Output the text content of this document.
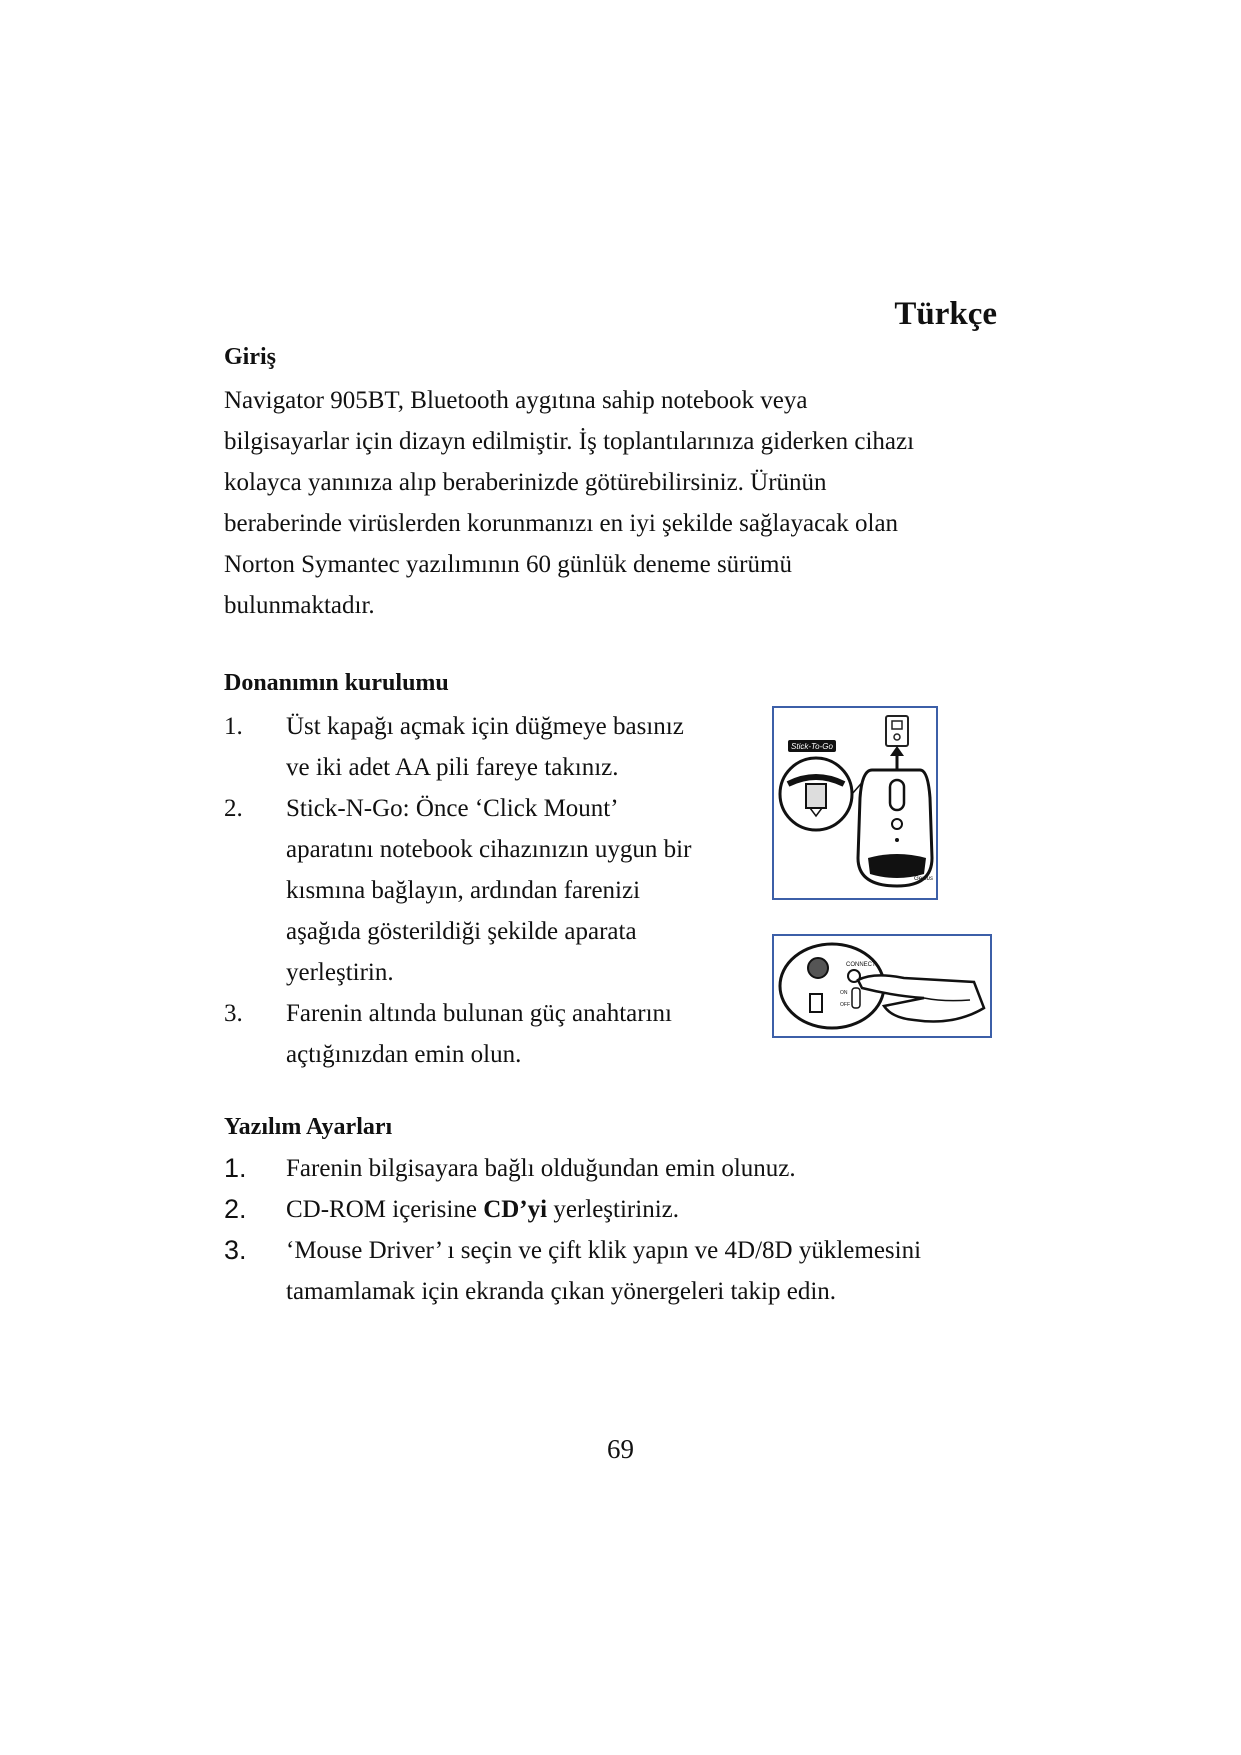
Türkçe
Giriş

Navigator 905BT, Bluetooth aygıtına sahip notebook veya

bilgisayarlar için dizayn edilmiştir. İş toplantılarınıza giderken cihazı

kolayca yanınıza alıp beraberinizde götürebilirsiniz. Ürünün

beraberinde virüslerden korunmanızı en iyi şekilde sağlayacak olan

Norton Symantec yazılımının 60 günlük deneme sürümü

bulunmaktadır.

Donanımın kurulumu
1.	Üst kapağı açmak için düğmeye basınız
ve iki adet AA pili fareye takınız.
2.	Stick-N-Go: Önce ‘Click Mount’
aparatını notebook cihazınızın uygun bir
kısmına bağlayın, ardından farenizi
aşağıda gösterildiği şekilde aparata
yerleştirin.
3.	Farenin altında bulunan güç anahtarını
açtığınızdan emin olun.
Stick-To-Go
Genius
CONNECT
ON
OFF
Yazılım Ayarları
1.	Farenin bilgisayara bağlı olduğundan emin olunuz.
2.	CD-ROM içerisine CD’yi yerleştiriniz.
3.	‘Mouse Driver’ ı seçin ve çift klik yapın ve 4D/8D yüklemesini
tamamlamak için ekranda çıkan yönergeleri takip edin.
69
